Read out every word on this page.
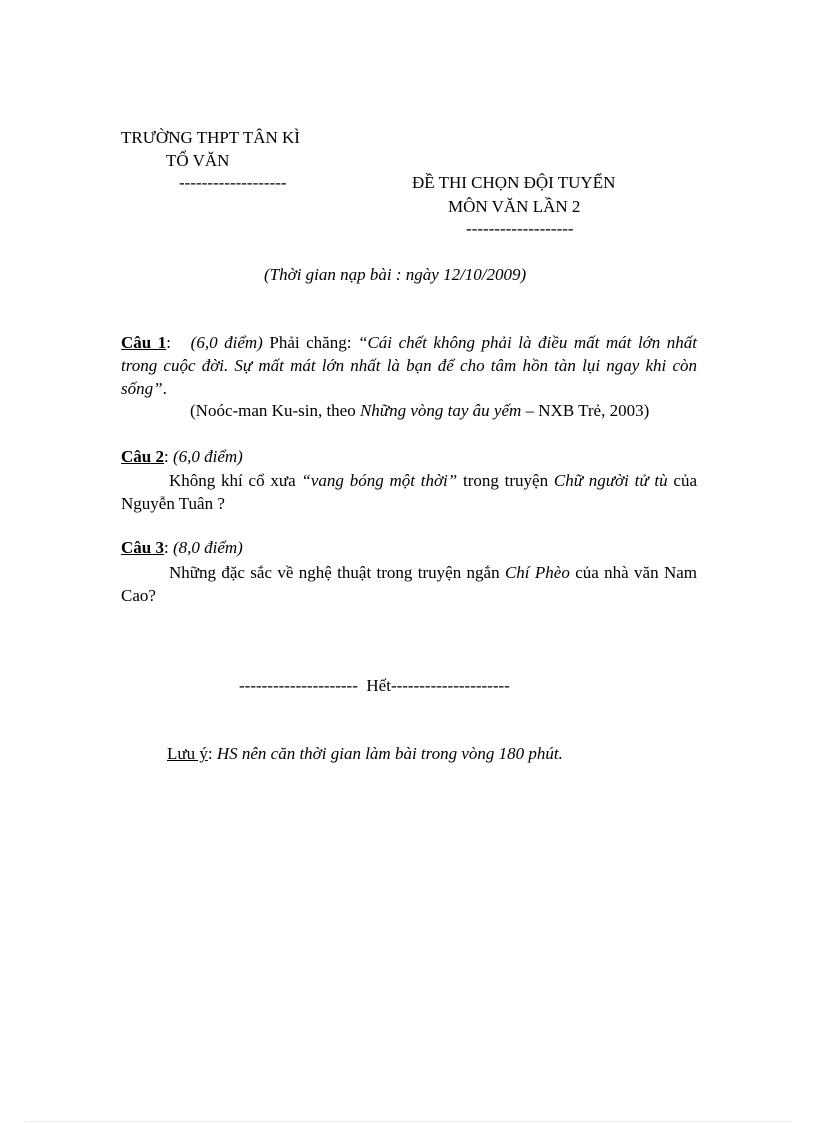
TRƯỜNG THPT TÂN KÌ
TỔ VĂN
-------------------	ĐỀ THI CHỌN ĐỘI TUYỂN
MÔN VĂN LẦN 2
-------------------
(Thời gian nạp bài : ngày 12/10/2009)
Câu 1: (6,0 điểm) Phải chăng: “Cái chết không phải là điều mất mát lớn nhất trong cuộc đời. Sự mất mát lớn nhất là bạn để cho tâm hồn tàn lụi ngay khi còn sống”.
(Noóc-man Ku-sin, theo Những vòng tay âu yếm – NXB Trẻ, 2003)
Câu 2: (6,0 điểm)
Không khí cổ xưa “vang bóng một thời” trong truyện Chữ người tử tù của Nguyễn Tuân ?
Câu 3: (8,0 điểm)
Những đặc sắc về nghệ thuật trong truyện ngắn Chí Phèo của nhà văn Nam Cao?
--------------------- Hết---------------------
Lưu ý: HS nên căn thời gian làm bài trong vòng 180 phút.
